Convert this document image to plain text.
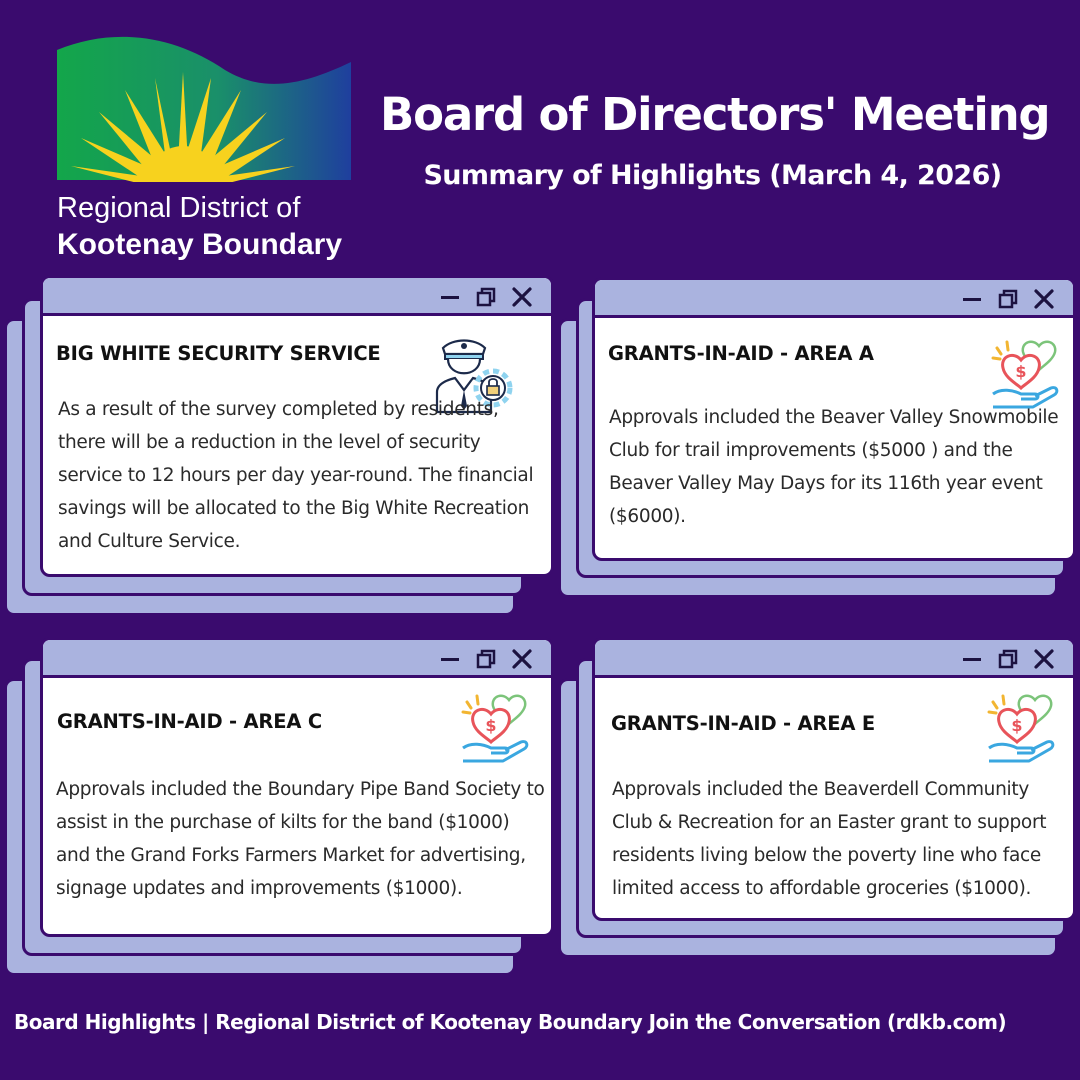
Regional District of
Kootenay Boundary
Board of Directors' Meeting
Summary of Highlights (March 4, 2026)
BIG WHITE SECURITY SERVICE
As a result of the survey completed by residents, there will be a reduction in the level of security service to 12 hours per day year-round. The financial savings will be allocated to the Big White Recreation and Culture Service.
GRANTS-IN-AID - AREA A
$
Approvals included the Beaver Valley Snowmobile Club for trail improvements ($5000 ) and the Beaver Valley May Days for its 116th year event ($6000).
GRANTS-IN-AID - AREA C	$
Approvals included the Boundary Pipe Band Society to assist in the purchase of kilts for the band ($1000) and the Grand Forks Farmers Market for advertising, signage updates and improvements ($1000).
GRANTS-IN-AID - AREA E	$
Approvals included the Beaverdell Community Club & Recreation for an Easter grant to support residents living below the poverty line who face limited access to affordable groceries ($1000).
Board Highlights | Regional District of Kootenay Boundary Join the Conversation (rdkb.com)
